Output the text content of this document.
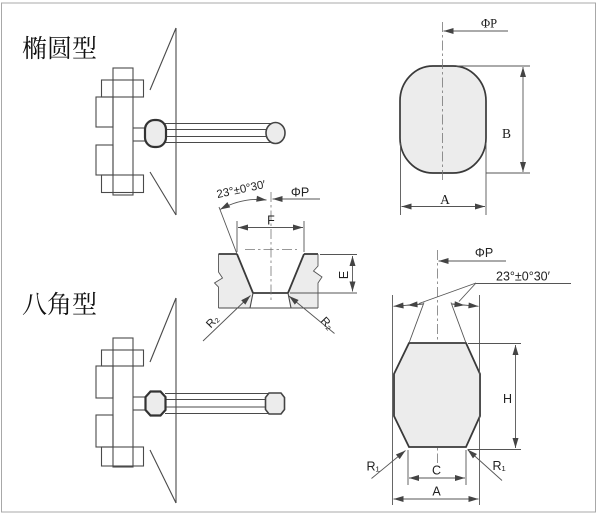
椭圆型
八角型
ΦP
B
A
23°±0°30′ ΦP
F
E
R₂	R₂
ΦP
23°±0°30′
H
C
A
R₁	R₁
